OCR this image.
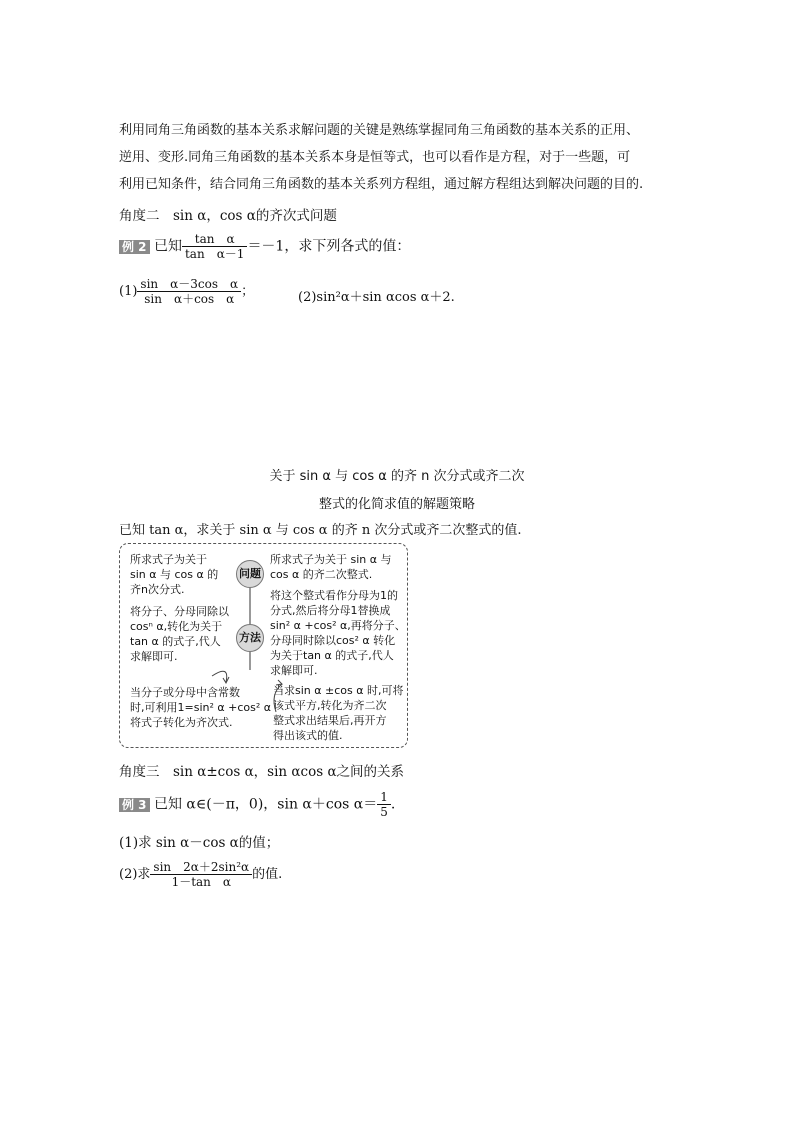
利用同角三角函数的基本关系求解问题的关键是熟练掌握同角三角函数的基本关系的正用、
逆用、变形.同角三角函数的基本关系本身是恒等式，也可以看作是方程，对于一些题，可
利用已知条件，结合同角三角函数的基本关系列方程组，通过解方程组达到解决问题的目的.
角度二　sin α，cos α的齐次式问题
例 2 已知 $\frac{\text{tan　α}}{\text{tan　α－1}} =-1$，求下列各式的值：
$(1) \frac{\text{sin　α－3cos　α}}{\text{sin　α＋cos　α}}$ ；	(2)sin²α＋sin αcos α＋2.
关于 sin α 与 cos α 的齐 n 次分式或齐二次
整式的化简求值的解题策略
已知 tan α，求关于 sin α 与 cos α 的齐 n 次分式或齐二次整式的值.
所求式子为关于
sin α 与 cos α 的
齐n次分式.
将分子、分母同除以
cosⁿ α,转化为关于
tan α 的式子,代人
求解即可.
当分子或分母中含常数
时,可利用1=sin² α +cos² α
将式子转化为齐次式.
问题
方法
所求式子为关于 sin α 与
cos α 的齐二次整式.
将这个整式看作分母为1的
分式,然后将分母1替换成
sin² α +cos² α,再将分子、
分母同时除以cos² α 转化
为关于tan α 的式子,代人
求解即可.
当求sin α ±cos α 时,可将
该式平方,转化为齐二次
整式求出结果后,再开方
得出该式的值.
角度三　sin α±cos α，sin αcos α之间的关系
例 3 已知 α∈(－π，0)，sin α＋cos $\alpha= \frac{1}{5}$ .
(1)求 sin α－cos α的值；
(2)求 $\frac{\text{sin　2α＋2sin²α}}{\text{1－tan　α}}$ 的值.
